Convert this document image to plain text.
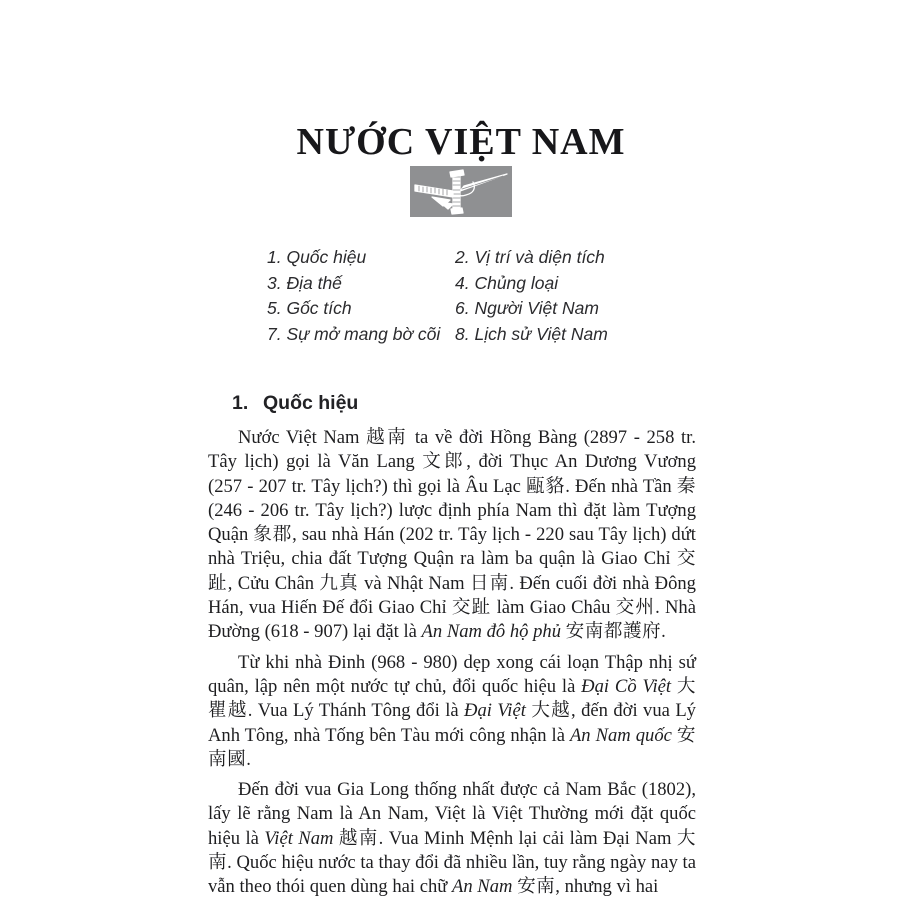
NƯỚC VIỆT NAM
1. Quốc hiệu	2. Vị trí và diện tích
3. Địa thế	4. Chủng loại
5. Gốc tích	6. Người Việt Nam
7. Sự mở mang bờ cõi 8. Lịch sử Việt Nam
1. Quốc hiệu

Nước Việt Nam 越南 ta về đời Hồng Bàng (2897 - 258 tr. Tây lịch) gọi là Văn Lang 文郎, đời Thục An Dương Vương (257 - 207 tr. Tây lịch?) thì gọi là Âu Lạc 甌貉. Đến nhà Tần 秦 (246 - 206 tr. Tây lịch?) lược định phía Nam thì đặt làm Tượng Quận 象郡, sau nhà Hán (202 tr. Tây lịch - 220 sau Tây lịch) dứt nhà Triệu, chia đất Tượng Quận ra làm ba quận là Giao Chỉ 交趾, Cửu Chân 九真 và Nhật Nam 日南. Đến cuối đời nhà Đông Hán, vua Hiến Đế đổi Giao Chỉ 交趾 làm Giao Châu 交州. Nhà Đường (618 - 907) lại đặt là An Nam đô hộ phủ 安南都護府.

Từ khi nhà Đinh (968 - 980) dẹp xong cái loạn Thập nhị sứ quân, lập nên một nước tự chủ, đổi quốc hiệu là Đại Cồ Việt 大瞿越. Vua Lý Thánh Tông đổi là Đại Việt 大越, đến đời vua Lý Anh Tông, nhà Tống bên Tàu mới công nhận là An Nam quốc 安南國.

Đến đời vua Gia Long thống nhất được cả Nam Bắc (1802), lấy lẽ rằng Nam là An Nam, Việt là Việt Thường mới đặt quốc hiệu là Việt Nam 越南. Vua Minh Mệnh lại cải làm Đại Nam 大南. Quốc hiệu nước ta thay đổi đã nhiều lần, tuy rằng ngày nay ta vẫn theo thói quen dùng hai chữ An Nam 安南, nhưng vì hai
